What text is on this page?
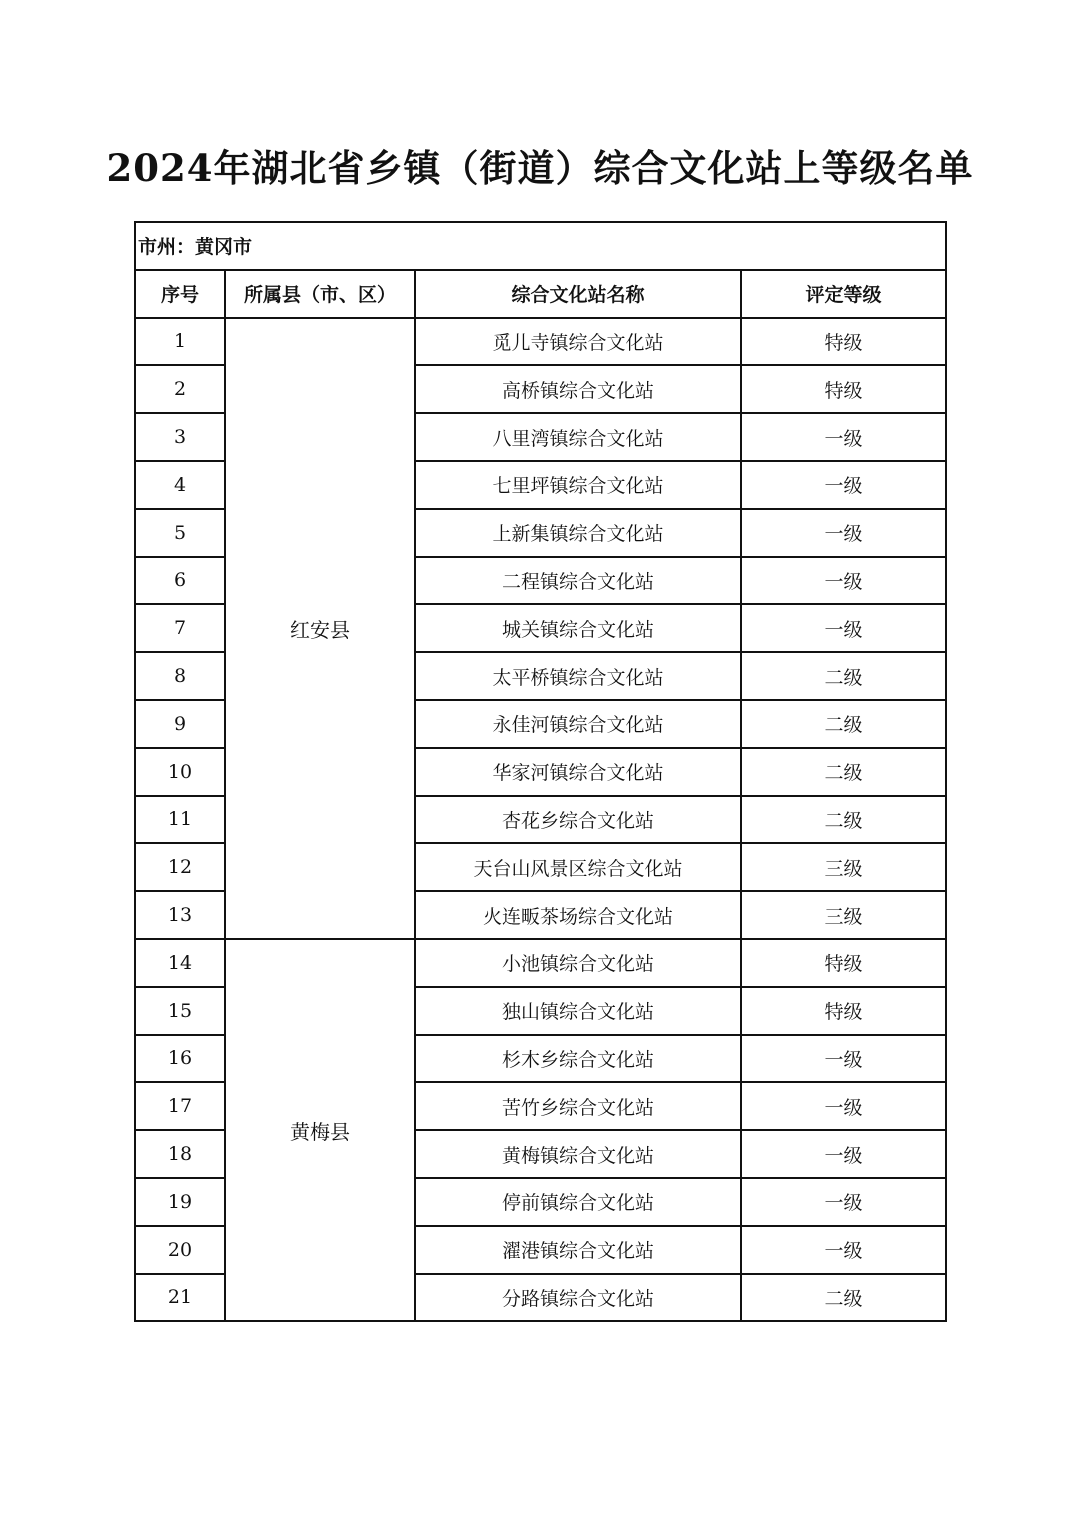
2024年湖北省乡镇（街道）综合文化站上等级名单
市州：黄冈市			
序号	所属县（市、区）	综合文化站名称	评定等级
1	红安县	觅儿寺镇综合文化站	特级
2		高桥镇综合文化站	特级
3		八里湾镇综合文化站	一级
4		七里坪镇综合文化站	一级
5		上新集镇综合文化站	一级
6		二程镇综合文化站	一级
7		城关镇综合文化站	一级
8		太平桥镇综合文化站	二级
9		永佳河镇综合文化站	二级
10		华家河镇综合文化站	二级
11		杏花乡综合文化站	二级
12		天台山风景区综合文化站	三级
13		火连畈茶场综合文化站	三级
14	黄梅县	小池镇综合文化站	特级
15		独山镇综合文化站	特级
16		杉木乡综合文化站	一级
17		苦竹乡综合文化站	一级
18		黄梅镇综合文化站	一级
19		停前镇综合文化站	一级
20		濯港镇综合文化站	一级
21		分路镇综合文化站	二级
